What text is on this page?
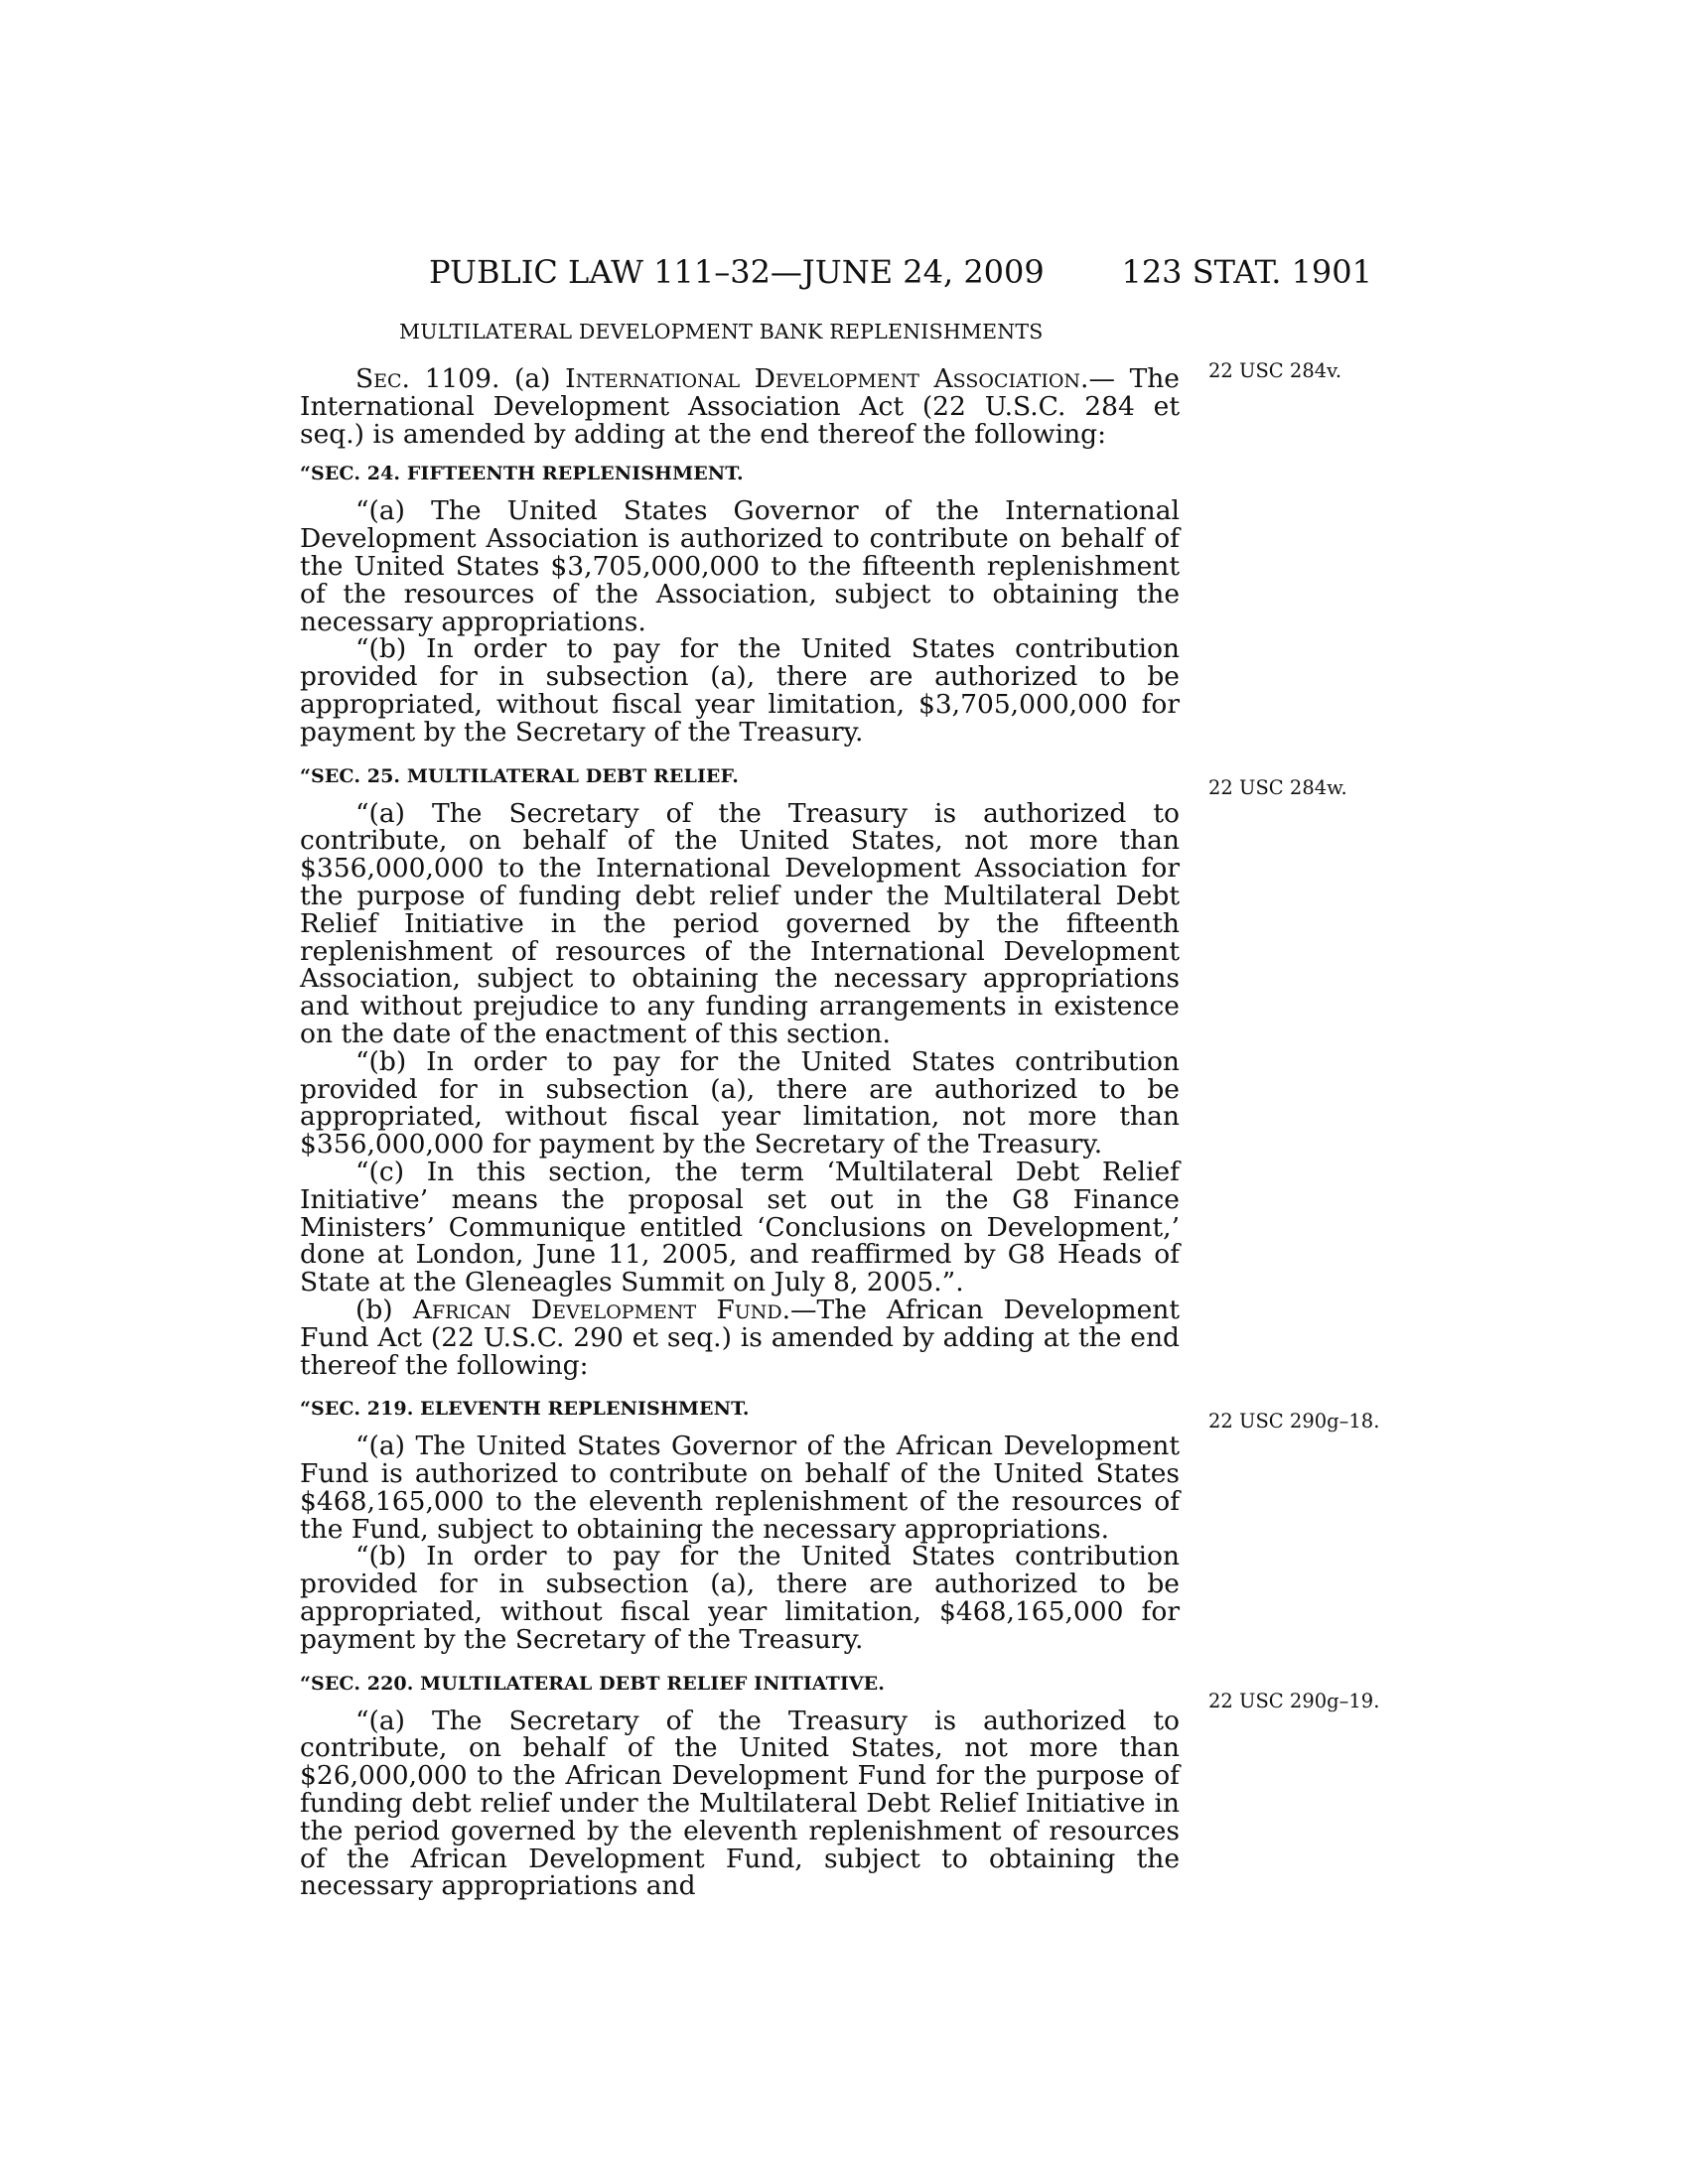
PUBLIC LAW 111–32—JUNE 24, 2009 123 STAT. 1901
MULTILATERAL DEVELOPMENT BANK REPLENISHMENTS

Sec. 1109. (a) International Development Association.— The International Development Association Act (22 U.S.C. 284 et seq.) is amended by adding at the end thereof the following:

“SEC. 24. FIFTEENTH REPLENISHMENT.

“(a) The United States Governor of the International Development Association is authorized to contribute on behalf of the United States $3,705,000,000 to the fifteenth replenishment of the resources of the Association, subject to obtaining the necessary appropriations.

“(b) In order to pay for the United States contribution provided for in subsection (a), there are authorized to be appropriated, without fiscal year limitation, $3,705,000,000 for payment by the Secretary of the Treasury.

“SEC. 25. MULTILATERAL DEBT RELIEF.

“(a) The Secretary of the Treasury is authorized to contribute, on behalf of the United States, not more than $356,000,000 to the International Development Association for the purpose of funding debt relief under the Multilateral Debt Relief Initiative in the period governed by the fifteenth replenishment of resources of the International Development Association, subject to obtaining the necessary appropriations and without prejudice to any funding arrangements in existence on the date of the enactment of this section.

“(b) In order to pay for the United States contribution provided for in subsection (a), there are authorized to be appropriated, without fiscal year limitation, not more than $356,000,000 for payment by the Secretary of the Treasury.

“(c) In this section, the term ‘Multilateral Debt Relief Initiative’ means the proposal set out in the G8 Finance Ministers’ Communique entitled ‘Conclusions on Development,’ done at London, June 11, 2005, and reaffirmed by G8 Heads of State at the Gleneagles Summit on July 8, 2005.”.

(b) African Development Fund.—The African Development Fund Act (22 U.S.C. 290 et seq.) is amended by adding at the end thereof the following:

“SEC. 219. ELEVENTH REPLENISHMENT.

“(a) The United States Governor of the African Development Fund is authorized to contribute on behalf of the United States $468,165,000 to the eleventh replenishment of the resources of the Fund, subject to obtaining the necessary appropriations.

“(b) In order to pay for the United States contribution provided for in subsection (a), there are authorized to be appropriated, without fiscal year limitation, $468,165,000 for payment by the Secretary of the Treasury.

“SEC. 220. MULTILATERAL DEBT RELIEF INITIATIVE.

“(a) The Secretary of the Treasury is authorized to contribute, on behalf of the United States, not more than $26,000,000 to the African Development Fund for the purpose of funding debt relief under the Multilateral Debt Relief Initiative in the period governed by the eleventh replenishment of resources of the African Development Fund, subject to obtaining the necessary appropriations and

22 USC 284v.
22 USC 284w.
22 USC 290g–18.
22 USC 290g–19.
